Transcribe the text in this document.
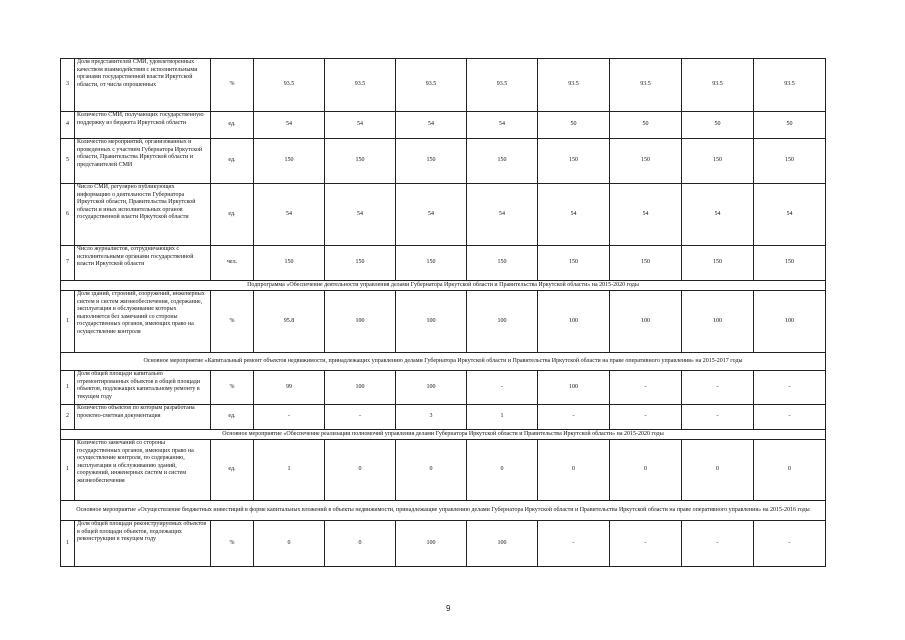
3	Доля представителей СМИ, удовлетворенных качеством взаимодействия с исполнительными органами государственной власти Иркутской области, от числа опрошенных	%	93.5	93.5	93.5	93.5	93.5	93.5	93.5	93.5
4	Количество СМИ, получающих государственную поддержку из бюджета Иркутской области	ед.	54	54	54	54	50	50	50	50
5	Количество мероприятий, организованных и проведенных с участием Губернатора Иркутской области, Правительства Иркутской области и представителей СМИ	ед.	150	150	150	150	150	150	150	150
6	Число СМИ, регулярно публикующих информацию о деятельности Губернатора Иркутской области, Правительства Иркутской области и иных исполнительных органов государственной власти Иркутской области	ед.	54	54	54	54	54	54	54	54
7	Число журналистов, сотрудничающих с исполнительными органами государственной власти Иркутской области	чел.	150	150	150	150	150	150	150	150
Подпрограмма «Обеспечение деятельности управления делами Губернатора Иркутской области и Правительства Иркутской области» на 2015-2020 годы										
1	Доля зданий, строений, сооружений, инженерных систем и систем жизнеобеспечения, содержание, эксплуатация и обслуживание которых выполняется без замечаний со стороны государственных органов, имеющих право на осуществление контроля	%	95.8	100	100	100	100	100	100	100
Основное мероприятие «Капитальный ремонт объектов недвижимости, принадлежащих управлению делами Губернатора Иркутской области и Правительства Иркутской области на праве оперативного управления» на 2015-2017 годы										
1	Доля общей площади капитально отремонтированных объектов в общей площади объектов, подлежащих капитальному ремонту в текущем году	%	99	100	100	-	100	-	-	-
2	Количество объектов по которым разработана проектно-сметная документация	ед.	-	-	3	1	-	-	-	-
Основное мероприятие «Обеспечение реализации полномочий управления делами Губернатора Иркутской области и Правительства Иркутской области» на 2015-2020 годы										
1	Количество замечаний со стороны государственных органов, имеющих право на осуществление контроля, по содержанию, эксплуатации и обслуживанию зданий, сооружений, инженерных систем и систем жизнеобеспечения	ед.	1	0	0	0	0	0	0	0
Основное мероприятие «Осуществление бюджетных инвестиций в форме капитальных вложений в объекты недвижимости, принадлежащие управлению делами Губернатора Иркутской области и Правительства Иркутской области на праве оперативного управления» на 2015-2016 годы										
1	Доля общей площади реконструируемых объектов в общей площади объектов, подлежащих реконструкции в текущем году	%	0	0	100	100	-	-	-	-
9
